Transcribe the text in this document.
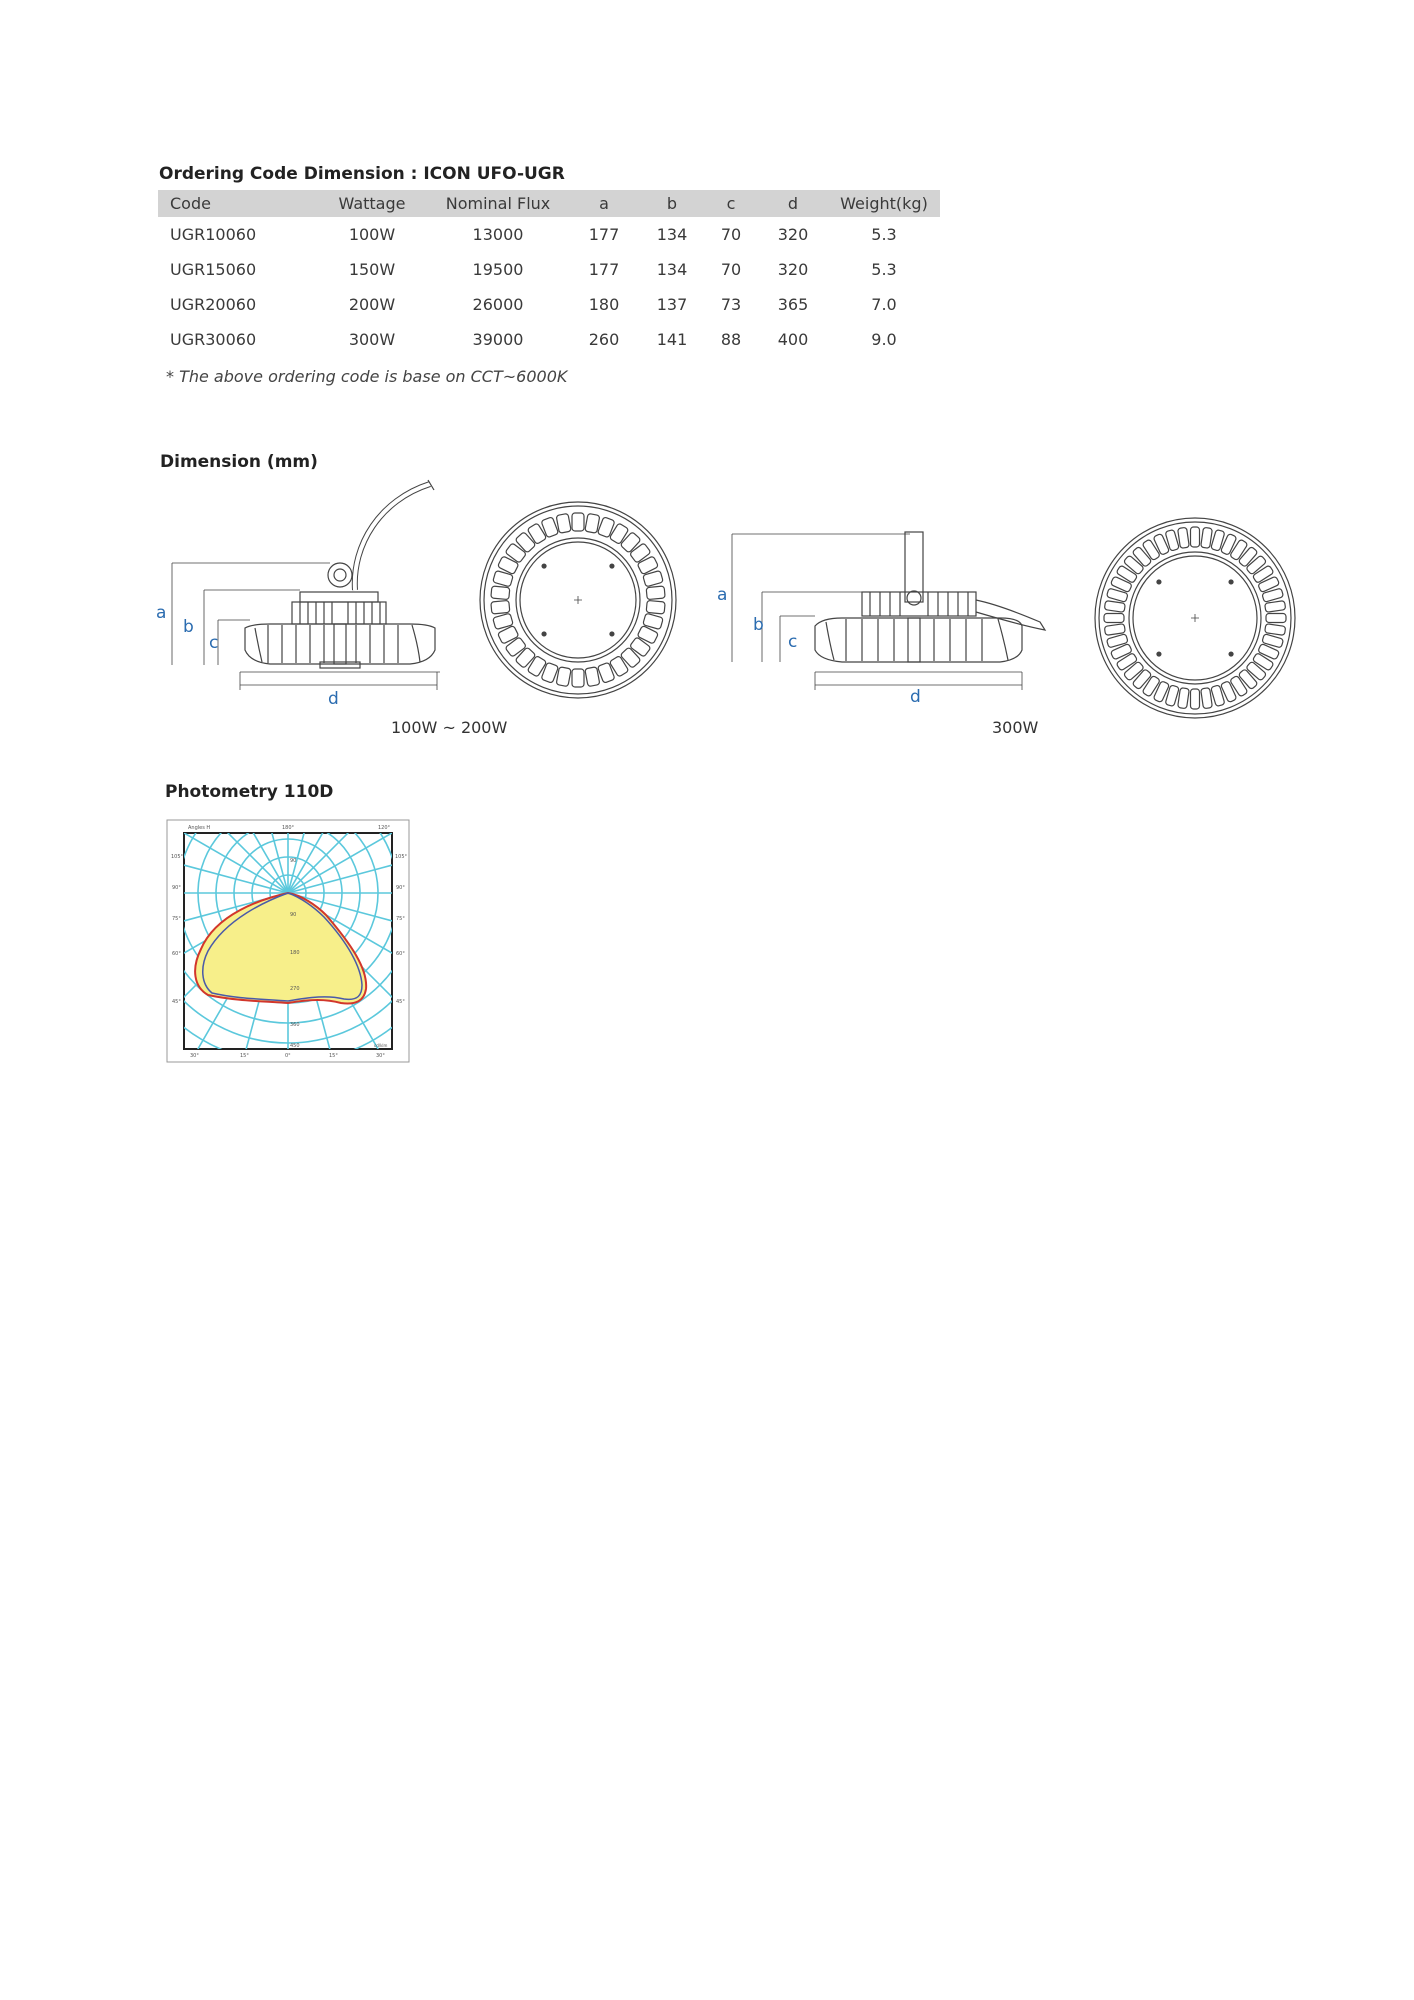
Ordering Code Dimension : ICON UFO-UGR
Code	Wattage	Nominal Flux	a	b	c	d	Weight(kg)
UGR10060	100W	13000	177	134	70	320	5.3
UGR15060	150W	19500	177	134	70	320	5.3
UGR20060	200W	26000	180	137	73	365	7.0
UGR30060	300W	39000	260	141	88	400	9.0
* The above ordering code is base on CCT~6000K
Dimension (mm)
a
b
c
d
a
b
c
d
100W ~ 200W	300W
Photometry 110D
Angles H	180°	120°
105°
90°
75°
60°
45°
105°
90°
75°
60°
45°
30°	15°	0°	15°	30°
90
90
180
270
360
450	cd/klm
